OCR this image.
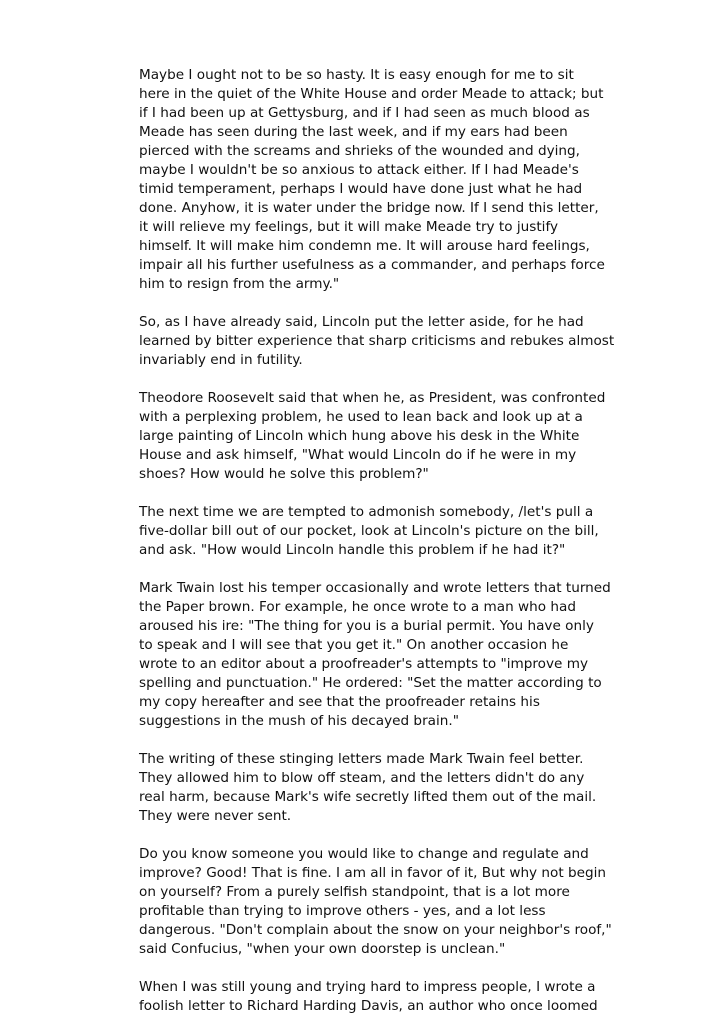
Maybe I ought not to be so hasty. It is easy enough for me to sit
here in the quiet of the White House and order Meade to attack; but
if I had been up at Gettysburg, and if I had seen as much blood as
Meade has seen during the last week, and if my ears had been
pierced with the screams and shrieks of the wounded and dying,
maybe I wouldn't be so anxious to attack either. If I had Meade's
timid temperament, perhaps I would have done just what he had
done. Anyhow, it is water under the bridge now. If I send this letter,
it will relieve my feelings, but it will make Meade try to justify
himself. It will make him condemn me. It will arouse hard feelings,
impair all his further usefulness as a commander, and perhaps force
him to resign from the army."
So, as I have already said, Lincoln put the letter aside, for he had
learned by bitter experience that sharp criticisms and rebukes almost
invariably end in futility.
Theodore Roosevelt said that when he, as President, was confronted
with a perplexing problem, he used to lean back and look up at a
large painting of Lincoln which hung above his desk in the White
House and ask himself, "What would Lincoln do if he were in my
shoes? How would he solve this problem?"
The next time we are tempted to admonish somebody, /let's pull a
five-dollar bill out of our pocket, look at Lincoln's picture on the bill,
and ask. "How would Lincoln handle this problem if he had it?"
Mark Twain lost his temper occasionally and wrote letters that turned
the Paper brown. For example, he once wrote to a man who had
aroused his ire: "The thing for you is a burial permit. You have only
to speak and I will see that you get it." On another occasion he
wrote to an editor about a proofreader's attempts to "improve my
spelling and punctuation." He ordered: "Set the matter according to
my copy hereafter and see that the proofreader retains his
suggestions in the mush of his decayed brain."
The writing of these stinging letters made Mark Twain feel better.
They allowed him to blow off steam, and the letters didn't do any
real harm, because Mark's wife secretly lifted them out of the mail.
They were never sent.
Do you know someone you would like to change and regulate and
improve? Good! That is fine. I am all in favor of it, But why not begin
on yourself? From a purely selfish standpoint, that is a lot more
profitable than trying to improve others - yes, and a lot less
dangerous. "Don't complain about the snow on your neighbor's roof,"
said Confucius, "when your own doorstep is unclean."
When I was still young and trying hard to impress people, I wrote a
foolish letter to Richard Harding Davis, an author who once loomed
